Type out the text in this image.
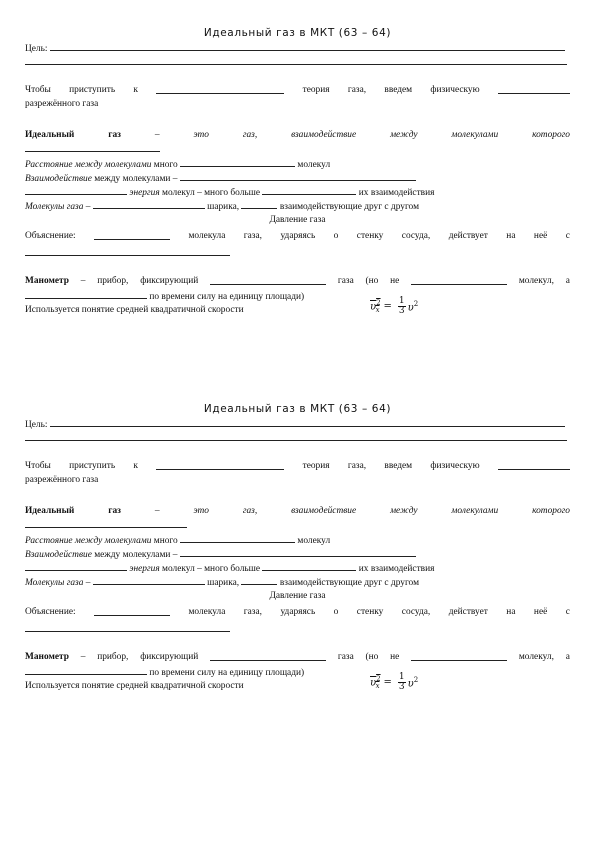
Идеальный газ в МКТ (63 – 64)
Цель:
Чтобы приступить к	теория газа, введем физическую
разрежённого газа
Идеальный	газ	–	это	газ,	взаимодействие	между	молекулами	которого
Расстояние между молекулами много	молекул
Взаимодействие между молекулами –
энергия молекул – много больше	их взаимодействия
Молекулы газа –	шарика,	взаимодействующие друг с другом
Давление газа
Объяснение:	молекула газа, ударяясь о стенку сосуда, действует на неё с
Манометр – прибор, фиксирующий	газа (но не	молекул, а
по времени силу на единицу площади)
Используется понятие средней квадратичной скорости	$\upsilon^2_x = \frac{1}{3} \upsilon^2$
Идеальный газ в МКТ (63 – 64)
Цель:
Чтобы приступить к	теория газа, введем физическую
разрежённого газа
Идеальный	газ	–	это	газ,	взаимодействие	между	молекулами	которого
Расстояние между молекулами много	молекул
Взаимодействие между молекулами –
энергия молекул – много больше	их взаимодействия
Молекулы газа –	шарика,	взаимодействующие друг с другом
Давление газа
Объяснение:	молекула газа, ударяясь о стенку сосуда, действует на неё с
Манометр – прибор, фиксирующий	газа (но не	молекул, а
по времени силу на единицу площади)
Используется понятие средней квадратичной скорости	$\upsilon^2_x = \frac{1}{3} \upsilon^2$
